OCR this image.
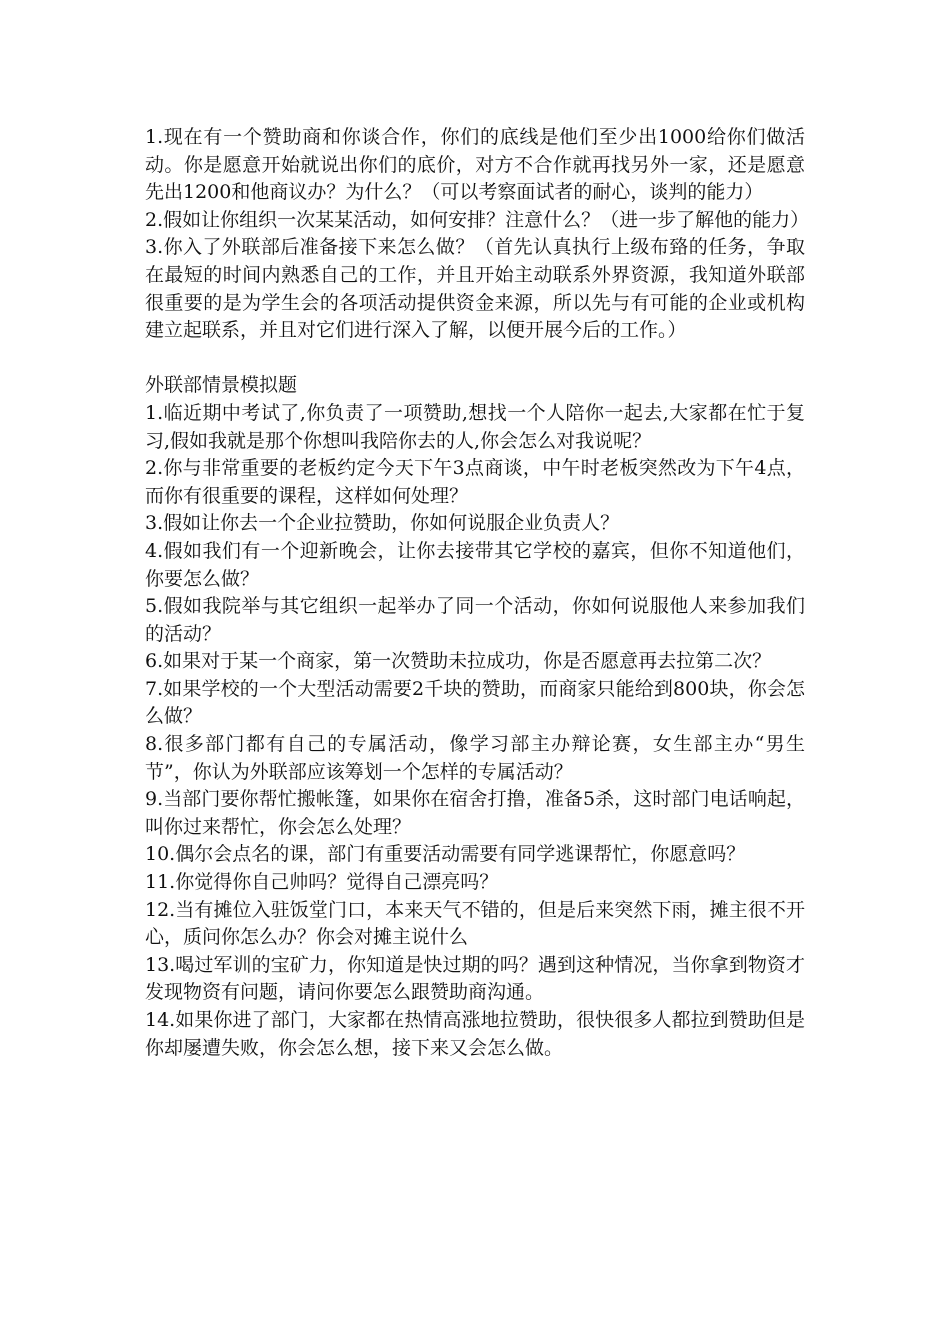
1.现在有一个赞助商和你谈合作，你们的底线是他们至少出1000给你们做活动。你是愿意开始就说出你们的底价，对方不合作就再找另外一家，还是愿意先出1200和他商议办？为什么？（可以考察面试者的耐心，谈判的能力）

2.假如让你组织一次某某活动，如何安排？注意什么？（进一步了解他的能力）

3.你入了外联部后准备接下来怎么做？（首先认真执行上级布臵的任务，争取在最短的时间内熟悉自己的工作，并且开始主动联系外界资源，我知道外联部很重要的是为学生会的各项活动提供资金来源，所以先与有可能的企业或机构建立起联系，并且对它们进行深入了解，以便开展今后的工作。）

外联部情景模拟题

1.临近期中考试了,你负责了一项赞助,想找一个人陪你一起去,大家都在忙于复习,假如我就是那个你想叫我陪你去的人,你会怎么对我说呢？

2.你与非常重要的老板约定今天下午3点商谈，中午时老板突然改为下午4点，而你有很重要的课程，这样如何处理？

3.假如让你去一个企业拉赞助，你如何说服企业负责人？

4.假如我们有一个迎新晚会，让你去接带其它学校的嘉宾，但你不知道他们，你要怎么做？

5.假如我院举与其它组织一起举办了同一个活动，你如何说服他人来参加我们的活动？

6.如果对于某一个商家，第一次赞助未拉成功，你是否愿意再去拉第二次？

7.如果学校的一个大型活动需要2千块的赞助，而商家只能给到800块，你会怎么做？

8.很多部门都有自己的专属活动，像学习部主办辩论赛，女生部主办“男生节”，你认为外联部应该筹划一个怎样的专属活动？

9.当部门要你帮忙搬帐篷，如果你在宿舍打撸，准备5杀，这时部门电话响起，叫你过来帮忙，你会怎么处理？

10.偶尔会点名的课，部门有重要活动需要有同学逃课帮忙，你愿意吗？

11.你觉得你自己帅吗？觉得自己漂亮吗？

12.当有摊位入驻饭堂门口，本来天气不错的，但是后来突然下雨，摊主很不开心，质问你怎么办？你会对摊主说什么

13.喝过军训的宝矿力，你知道是快过期的吗？遇到这种情况，当你拿到物资才发现物资有问题，请问你要怎么跟赞助商沟通。

14.如果你进了部门，大家都在热情高涨地拉赞助，很快很多人都拉到赞助但是你却屡遭失败，你会怎么想，接下来又会怎么做。
